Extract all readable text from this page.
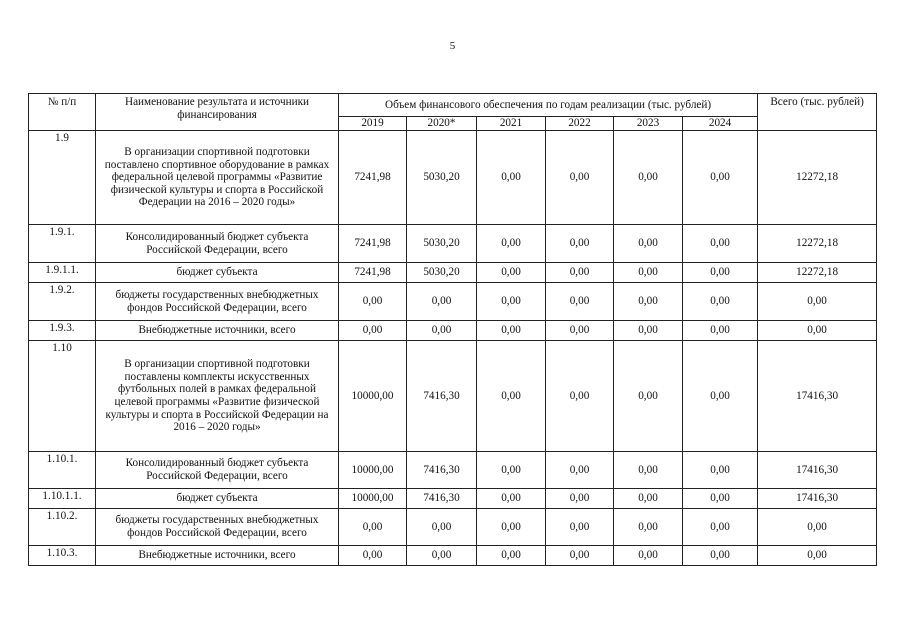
5
№ п/п	Наименование результата и источники финансирования	Объем финансового обеспечения по годам реализации (тыс. рублей)						Всего (тыс. рублей)
		2019	2020*	2021	2022	2023	2024	
1.9	В организации спортивной подготовки поставлено спортивное оборудование в рамках федеральной целевой программы «Развитие физической культуры и спорта в Российской Федерации на 2016 – 2020 годы»	7241,98	5030,20	0,00	0,00	0,00	0,00	12272,18
1.9.1.	Консолидированный бюджет субъекта Российской Федерации, всего	7241,98	5030,20	0,00	0,00	0,00	0,00	12272,18
1.9.1.1.	бюджет субъекта	7241,98	5030,20	0,00	0,00	0,00	0,00	12272,18
1.9.2.	бюджеты государственных внебюджетных фондов Российской Федерации, всего	0,00	0,00	0,00	0,00	0,00	0,00	0,00
1.9.3.	Внебюджетные источники, всего	0,00	0,00	0,00	0,00	0,00	0,00	0,00
1.10	В организации спортивной подготовки поставлены комплекты искусственных футбольных полей в рамках федеральной целевой программы «Развитие физической культуры и спорта в Российской Федерации на 2016 – 2020 годы»	10000,00	7416,30	0,00	0,00	0,00	0,00	17416,30
1.10.1.	Консолидированный бюджет субъекта Российской Федерации, всего	10000,00	7416,30	0,00	0,00	0,00	0,00	17416,30
1.10.1.1.	бюджет субъекта	10000,00	7416,30	0,00	0,00	0,00	0,00	17416,30
1.10.2.	бюджеты государственных внебюджетных фондов Российской Федерации, всего	0,00	0,00	0,00	0,00	0,00	0,00	0,00
1.10.3.	Внебюджетные источники, всего	0,00	0,00	0,00	0,00	0,00	0,00	0,00
